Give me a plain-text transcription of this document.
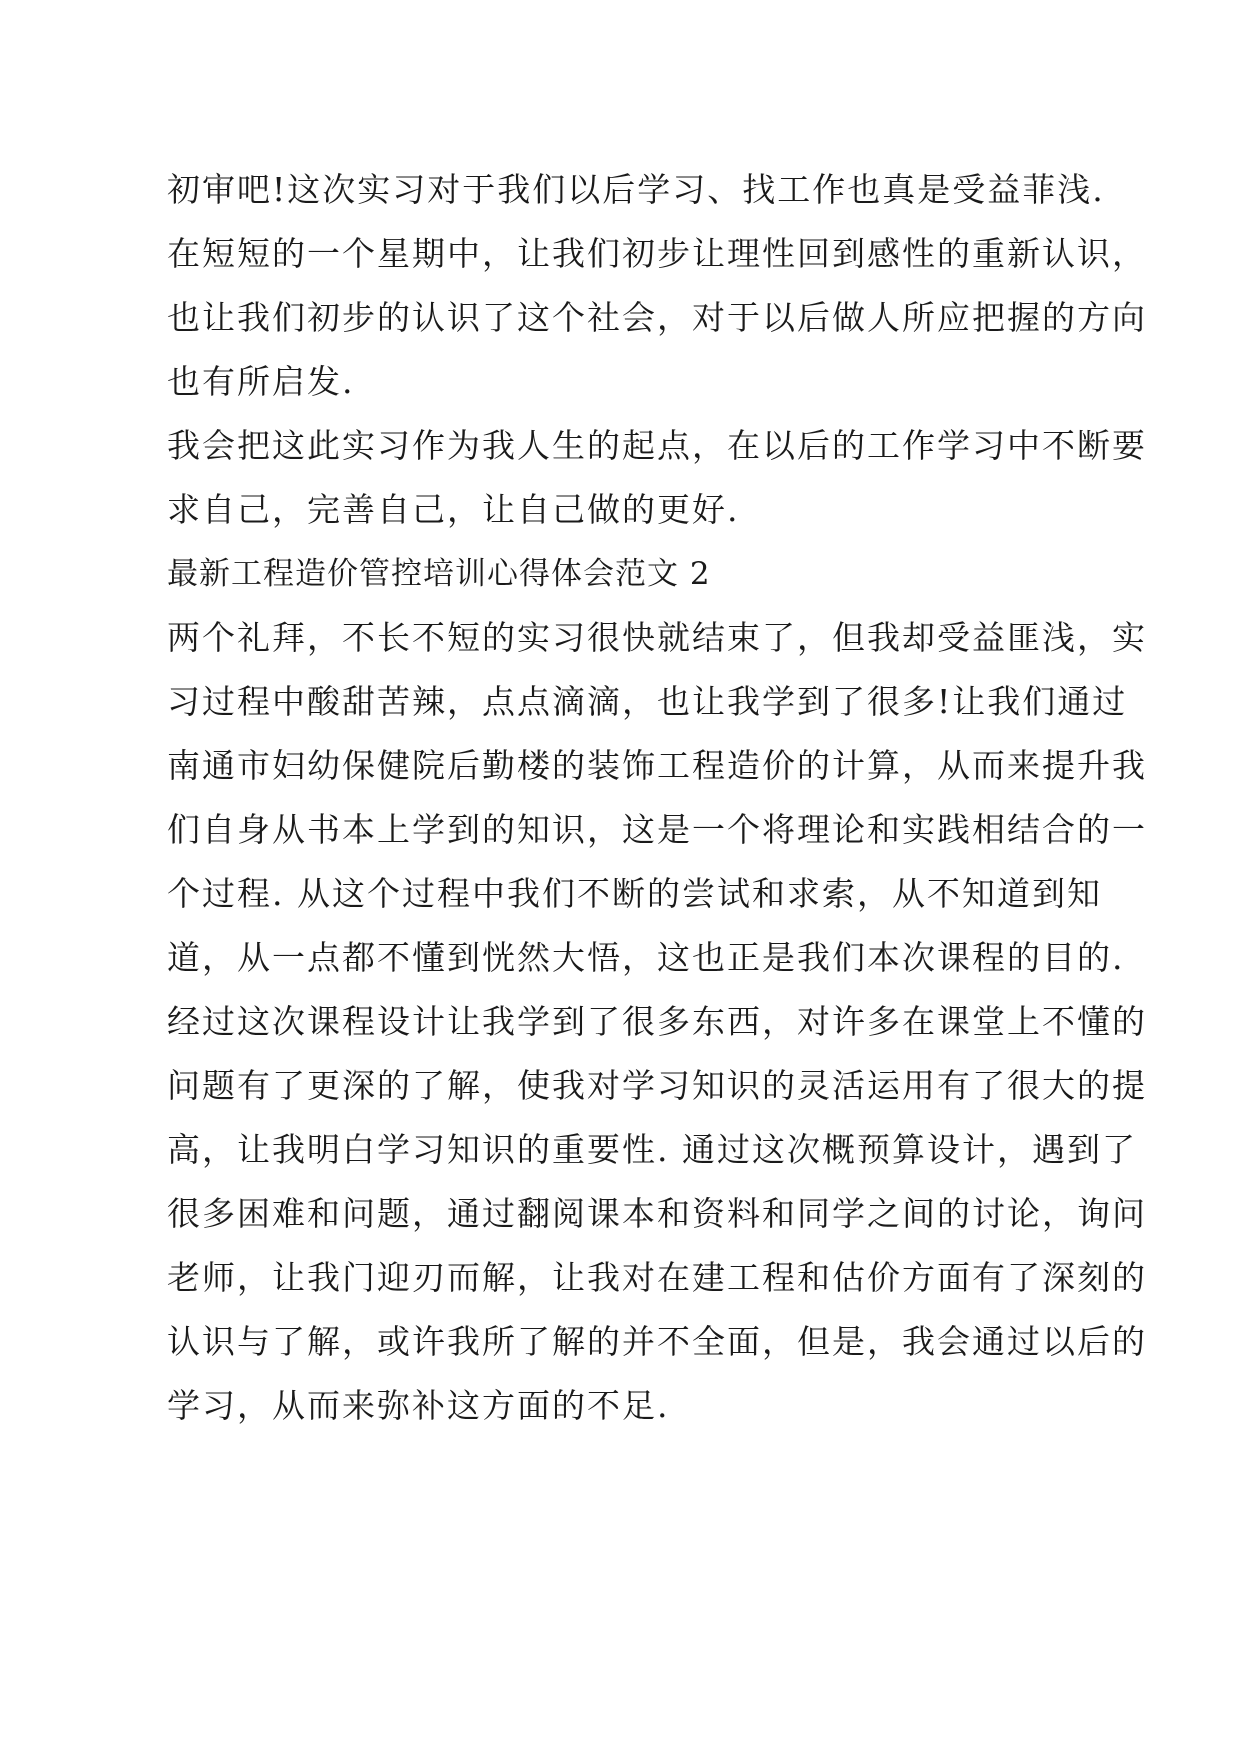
初审吧!这次实习对于我们以后学习、找工作也真是受益菲浅.
在短短的一个星期中，让我们初步让理性回到感性的重新认识，
也让我们初步的认识了这个社会，对于以后做人所应把握的方向
也有所启发.
我会把这此实习作为我人生的起点，在以后的工作学习中不断要
求自己，完善自己，让自己做的更好.
最新工程造价管控培训心得体会范文 2
两个礼拜，不长不短的实习很快就结束了，但我却受益匪浅，实
习过程中酸甜苦辣，点点滴滴，也让我学到了很多!让我们通过
南通市妇幼保健院后勤楼的装饰工程造价的计算，从而来提升我
们自身从书本上学到的知识，这是一个将理论和实践相结合的一
个过程. 从这个过程中我们不断的尝试和求索，从不知道到知
道，从一点都不懂到恍然大悟，这也正是我们本次课程的目的.
经过这次课程设计让我学到了很多东西，对许多在课堂上不懂的
问题有了更深的了解，使我对学习知识的灵活运用有了很大的提
高，让我明白学习知识的重要性. 通过这次概预算设计，遇到了
很多困难和问题，通过翻阅课本和资料和同学之间的讨论，询问
老师，让我门迎刃而解，让我对在建工程和估价方面有了深刻的
认识与了解，或许我所了解的并不全面，但是，我会通过以后的
学习，从而来弥补这方面的不足.
